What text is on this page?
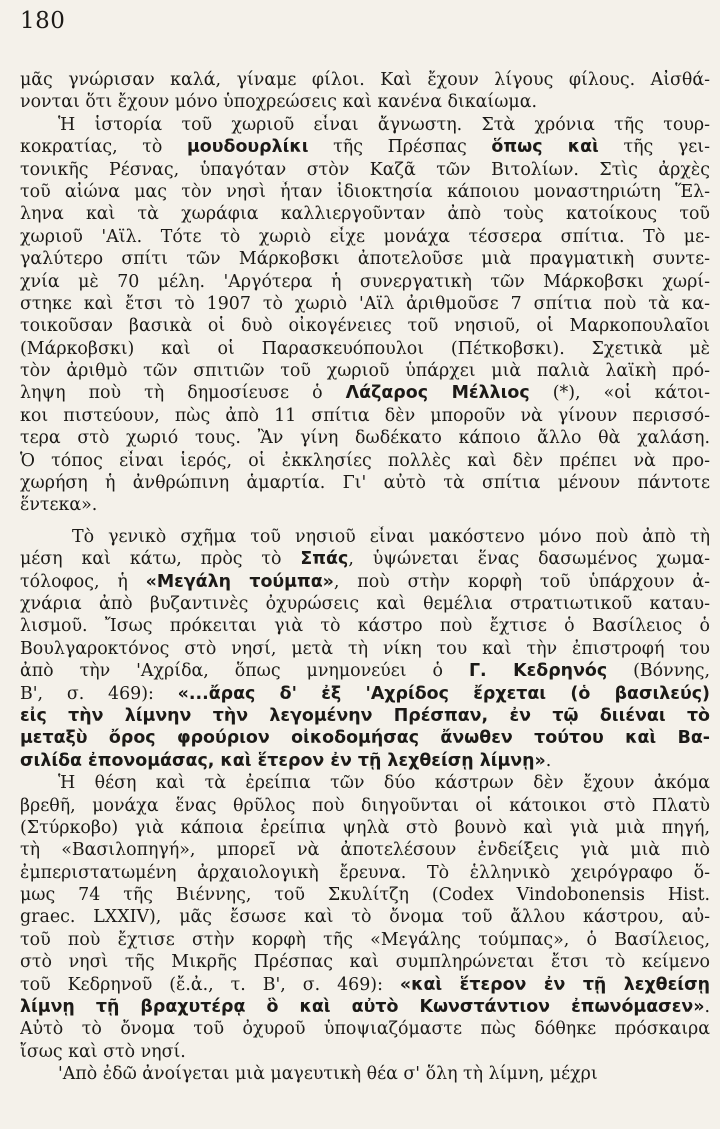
180
μᾶς γνώρισαν καλά, γίναμε φίλοι. Καὶ ἔχουν λίγους φίλους. Αἰσθά-
νονται ὅτι ἔχουν μόνο ὑποχρεώσεις καὶ κανένα δικαίωμα.
Ἡ ἱστορία τοῦ χωριοῦ εἶναι ἄγνωστη. Στὰ χρόνια τῆς τουρ-
κοκρατίας, τὸ μουδουρλίκι τῆς Πρέσπας ὅπως καὶ τῆς γει-
τονικῆς Ρέσνας, ὑπαγόταν στὸν Καζᾶ τῶν Βιτολίων. Στὶς ἀρχὲς
τοῦ αἰώνα μας τὸν νησὶ ἦταν ἰδιοκτησία κάποιου μοναστηριώτη Ἕλ-
ληνα καὶ τὰ χωράφια καλλιεργοῦνταν ἀπὸ τοὺς κατοίκους τοῦ
χωριοῦ 'Αϊλ. Τότε τὸ χωριὸ εἶχε μονάχα τέσσερα σπίτια. Τὸ με-
γαλύτερο σπίτι τῶν Μάρκοβσκι ἀποτελοῦσε μιὰ πραγματικὴ συντε-
χνία μὲ 70 μέλη. 'Αργότερα ἡ συνεργατικὴ τῶν Μάρκοβσκι χωρί-
στηκε καὶ ἔτσι τὸ 1907 τὸ χωριὸ 'Αϊλ ἀριθμοῦσε 7 σπίτια ποὺ τὰ κα-
τοικοῦσαν βασικὰ οἱ δυὸ οἰκογένειες τοῦ νησιοῦ, οἱ Μαρκοπουλαῖοι
(Μάρκοβσκι) καὶ οἱ Παρασκευόπουλοι (Πέτκοβσκι). Σχετικὰ μὲ
τὸν ἀριθμὸ τῶν σπιτιῶν τοῦ χωριοῦ ὑπάρχει μιὰ παλιὰ λαϊκὴ πρό-
ληψη ποὺ τὴ δημοσίευσε ὁ Λάζαρος Μέλλιος (*), «οἱ κάτοι-
κοι πιστεύουν, πὼς ἀπὸ 11 σπίτια δὲν μποροῦν νὰ γίνουν περισσό-
τερα στὸ χωριό τους. Ἂν γίνη δωδέκατο κάποιο ἄλλο θὰ χαλάση.
Ὁ τόπος εἶναι ἱερός, οἱ ἐκκλησίες πολλὲς καὶ δὲν πρέπει νὰ προ-
χωρήση ἡ ἀνθρώπινη ἁμαρτία. Γι' αὐτὸ τὰ σπίτια μένουν πάντοτε
ἕντεκα».
Τὸ γενικὸ σχῆμα τοῦ νησιοῦ εἶναι μακόστενο μόνο ποὺ ἀπὸ τὴ
μέση καὶ κάτω, πρὸς τὸ Σπάς, ὑψώνεται ἕνας δασωμένος χωμα-
τόλοφος, ἡ «Μεγάλη τούμπα», ποὺ στὴν κορφὴ τοῦ ὑπάρχουν ἀ-
χνάρια ἀπὸ βυζαντινὲς ὀχυρώσεις καὶ θεμέλια στρατιωτικοῦ καταυ-
λισμοῦ. Ἴσως πρόκειται γιὰ τὸ κάστρο ποὺ ἔχτισε ὁ Βασίλειος ὁ
Βουλγαροκτόνος στὸ νησί, μετὰ τὴ νίκη του καὶ τὴν ἐπιστροφή του
ἀπὸ τὴν 'Αχρίδα, ὅπως μνημονεύει ὁ Γ. Κεδρηνός (Βόννης,
Β', σ. 469): «...ἄρας δ' ἐξ 'Αχρίδος ἔρχεται (ὁ βασιλεύς)
εἰς τὴν λίμνην τὴν λεγομένην Πρέσπαν, ἐν τῷ διιέναι τὸ
μεταξὺ ὄρος φρούριον οἰκοδομήσας ἄνωθεν τούτου καὶ Βα-
σιλίδα ἐπονομάσας, καὶ ἕτερον ἐν τῇ λεχθείσῃ λίμνῃ».
Ἡ θέση καὶ τὰ ἐρείπια τῶν δύο κάστρων δὲν ἔχουν ἀκόμα
βρεθῆ, μονάχα ἕνας θρῦλος ποὺ διηγοῦνται οἱ κάτοικοι στὸ Πλατὺ
(Στύρκοβο) γιὰ κάποια ἐρείπια ψηλὰ στὸ βουνὸ καὶ γιὰ μιὰ πηγή,
τὴ «Βασιλοπηγή», μπορεῖ νὰ ἀποτελέσουν ἐνδείξεις γιὰ μιὰ πιὸ
ἐμπεριστατωμένη ἀρχαιολογικὴ ἔρευνα. Τὸ ἑλληνικὸ χειρόγραφο ὅ-
μως 74 τῆς Βιέννης, τοῦ Σκυλίτζη (Codex Vindobonensis Hist.
graec. LXXIV), μᾶς ἔσωσε καὶ τὸ ὄνομα τοῦ ἄλλου κάστρου, αὐ-
τοῦ ποὺ ἔχτισε στὴν κορφὴ τῆς «Μεγάλης τούμπας», ὁ Βασίλειος,
στὸ νησὶ τῆς Μικρῆς Πρέσπας καὶ συμπληρώνεται ἔτσι τὸ κείμενο
τοῦ Κεδρηνοῦ (ἔ.ἀ., τ. Β', σ. 469): «καὶ ἕτερον ἐν τῇ λεχθείσῃ
λίμνῃ τῇ βραχυτέρᾳ ὃ καὶ αὐτὸ Κωνστάντιον ἐπωνόμασεν».
Αὐτὸ τὸ ὄνομα τοῦ ὀχυροῦ ὑποψιαζόμαστε πὼς δόθηκε πρόσκαιρα
ἴσως καὶ στὸ νησί.
'Απὸ ἐδῶ ἀνοίγεται μιὰ μαγευτικὴ θέα σ' ὅλη τὴ λίμνη, μέχρι
